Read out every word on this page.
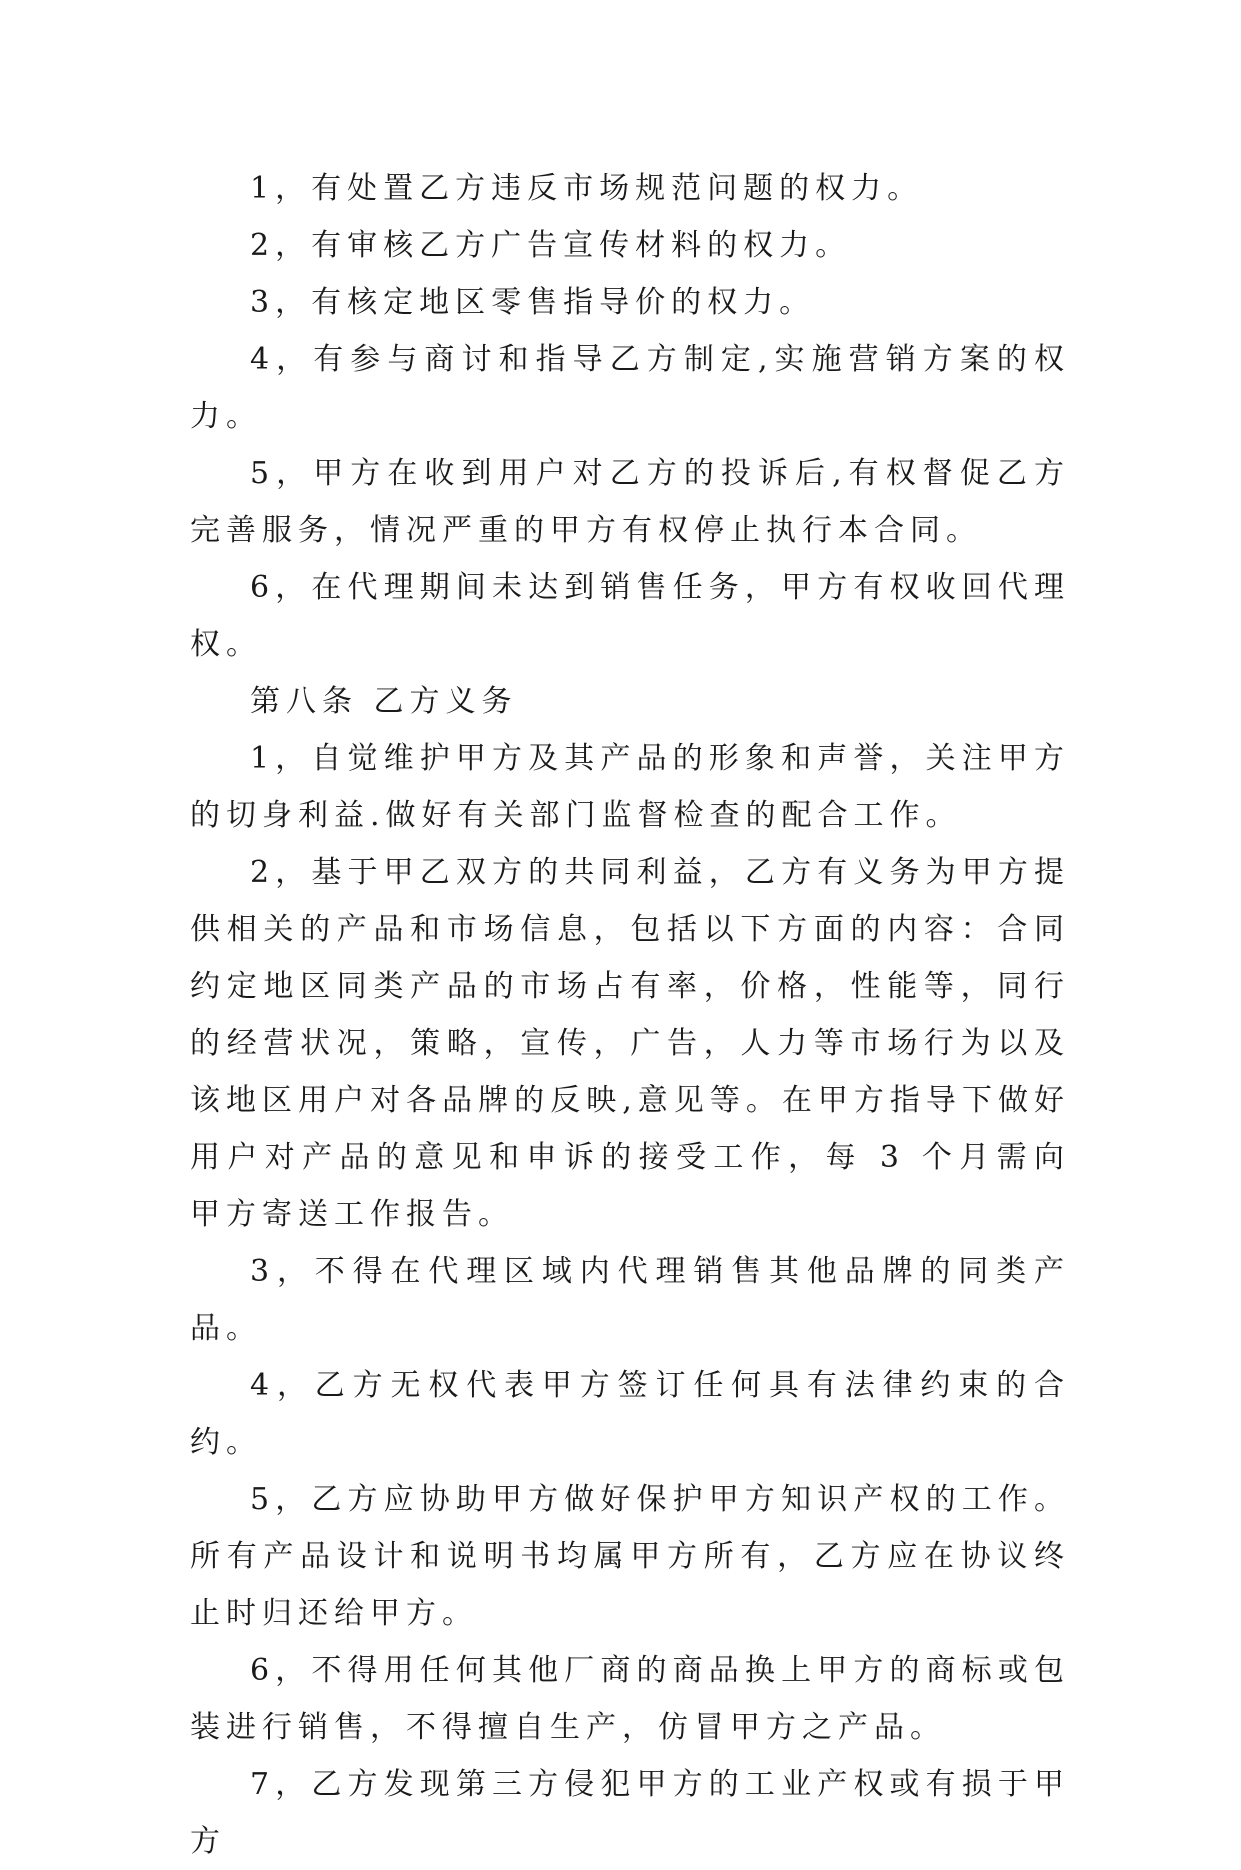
1，有处置乙方违反市场规范问题的权力。

2，有审核乙方广告宣传材料的权力。

3，有核定地区零售指导价的权力。

4，有参与商讨和指导乙方制定,实施营销方案的权力。

5，甲方在收到用户对乙方的投诉后,有权督促乙方完善服务，情况严重的甲方有权停止执行本合同。

6，在代理期间未达到销售任务，甲方有权收回代理权。

第八条 乙方义务

1，自觉维护甲方及其产品的形象和声誉，关注甲方的切身利益.做好有关部门监督检查的配合工作。

2，基于甲乙双方的共同利益，乙方有义务为甲方提供相关的产品和市场信息，包括以下方面的内容：合同约定地区同类产品的市场占有率，价格，性能等，同行的经营状况，策略，宣传，广告，人力等市场行为以及该地区用户对各品牌的反映,意见等。在甲方指导下做好用户对产品的意见和申诉的接受工作，每 3 个月需向甲方寄送工作报告。

3，不得在代理区域内代理销售其他品牌的同类产品。

4，乙方无权代表甲方签订任何具有法律约束的合约。

5，乙方应协助甲方做好保护甲方知识产权的工作。所有产品设计和说明书均属甲方所有，乙方应在协议终止时归还给甲方。

6，不得用任何其他厂商的商品换上甲方的商标或包装进行销售，不得擅自生产，仿冒甲方之产品。

7，乙方发现第三方侵犯甲方的工业产权或有损于甲方
